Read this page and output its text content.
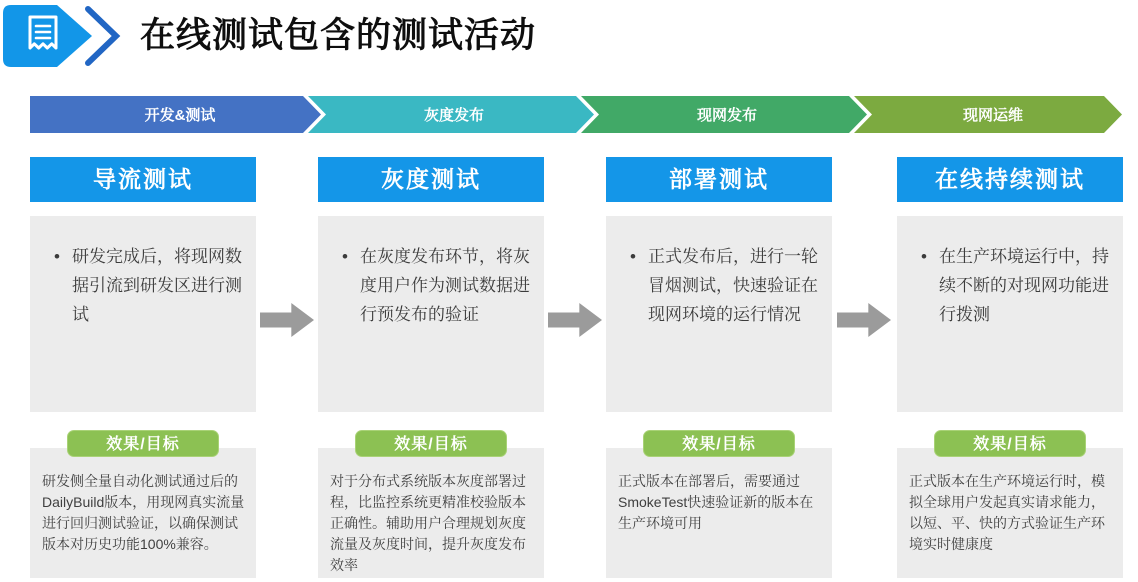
在线测试包含的测试活动
开发&测试	灰度发布	现网发布	现网运维
导流测试
• 研发完成后，将现网数据引流到研发区进行测试

效果/目标
研发侧全量自动化测试通过后的DailyBuild版本，用现网真实流量进行回归测试验证，以确保测试版本对历史功能100%兼容。
灰度测试
• 在灰度发布环节，将灰度用户作为测试数据进行预发布的验证

效果/目标
对于分布式系统版本灰度部署过程，比监控系统更精准校验版本正确性。辅助用户合理规划灰度流量及灰度时间，提升灰度发布效率
部署测试
• 正式发布后，进行一轮冒烟测试，快速验证在现网环境的运行情况

效果/目标
正式版本在部署后，需要通过SmokeTest快速验证新的版本在生产环境可用
在线持续测试
• 在生产环境运行中，持续不断的对现网功能进行拨测

效果/目标
正式版本在生产环境运行时，模拟全球用户发起真实请求能力，以短、平、快的方式验证生产环境实时健康度
